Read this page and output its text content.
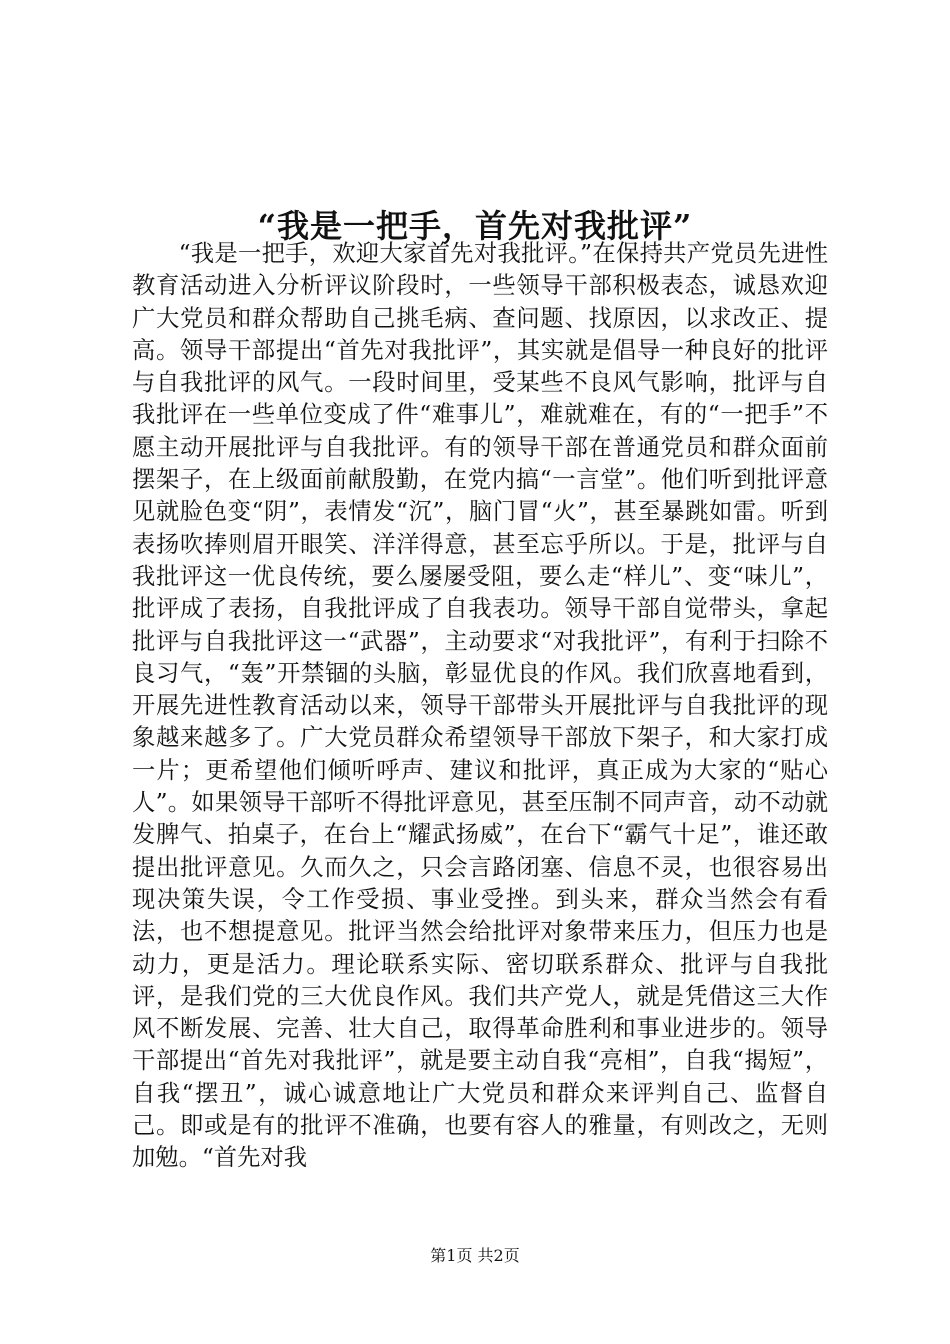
“我是一把手，首先对我批评”

“我是一把手，欢迎大家首先对我批评。”在保持共产党员先进性教育活动进入分析评议阶段时，一些领导干部积极表态，诚恳欢迎广大党员和群众帮助自己挑毛病、查问题、找原因，以求改正、提高。领导干部提出“首先对我批评”，其实就是倡导一种良好的批评与自我批评的风气。一段时间里，受某些不良风气影响，批评与自我批评在一些单位变成了件“难事儿”，难就难在，有的“一把手”不愿主动开展批评与自我批评。有的领导干部在普通党员和群众面前摆架子，在上级面前献殷勤，在党内搞“一言堂”。他们听到批评意见就脸色变“阴”，表情发“沉”，脑门冒“火”，甚至暴跳如雷。听到表扬吹捧则眉开眼笑、洋洋得意，甚至忘乎所以。于是，批评与自我批评这一优良传统，要么屡屡受阻，要么走“样儿”、变“味儿”，批评成了表扬，自我批评成了自我表功。领导干部自觉带头，拿起批评与自我批评这一“武器”，主动要求“对我批评”，有利于扫除不良习气，“轰”开禁锢的头脑，彰显优良的作风。我们欣喜地看到，开展先进性教育活动以来，领导干部带头开展批评与自我批评的现象越来越多了。广大党员群众希望领导干部放下架子，和大家打成一片；更希望他们倾听呼声、建议和批评，真正成为大家的“贴心人”。如果领导干部听不得批评意见，甚至压制不同声音，动不动就发脾气、拍桌子，在台上“耀武扬威”，在台下“霸气十足”，谁还敢提出批评意见。久而久之，只会言路闭塞、信息不灵，也很容易出现决策失误，令工作受损、事业受挫。到头来，群众当然会有看法，也不想提意见。批评当然会给批评对象带来压力，但压力也是动力，更是活力。理论联系实际、密切联系群众、批评与自我批评，是我们党的三大优良作风。我们共产党人，就是凭借这三大作风不断发展、完善、壮大自己，取得革命胜利和事业进步的。领导干部提出“首先对我批评”，就是要主动自我“亮相”，自我“揭短”，自我“摆丑”，诚心诚意地让广大党员和群众来评判自己、监督自己。即或是有的批评不准确，也要有容人的雅量，有则改之，无则加勉。“首先对我

第1页 共2页
